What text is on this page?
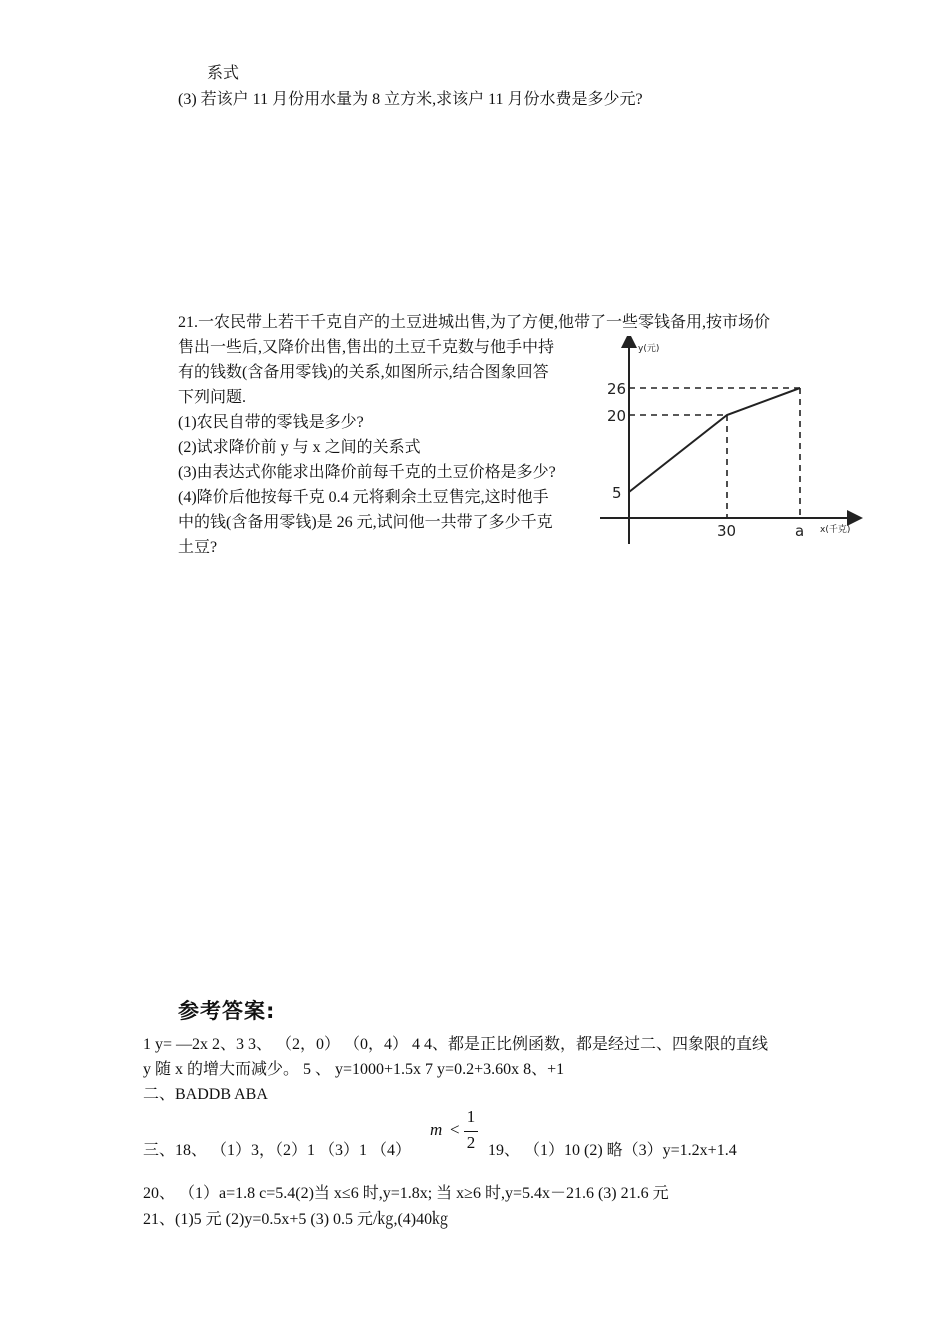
系式
(3) 若该户 11 月份用水量为 8 立方米,求该户 11 月份水费是多少元?
21.一农民带上若干千克自产的土豆进城出售,为了方便,他带了一些零钱备用,按市场价
售出一些后,又降价出售,售出的土豆千克数与他手中持
有的钱数(含备用零钱)的关系,如图所示,结合图象回答
下列问题.
(1)农民自带的零钱是多少?
(2)试求降价前 y 与 x 之间的关系式
(3)由表达式你能求出降价前每千克的土豆价格是多少?
(4)降价后他按每千克 0.4 元将剩余土豆售完,这时他手
中的钱(含备用零钱)是 26 元,试问他一共带了多少千克
土豆?
y(元)
x(千克)
5
20
26
30	a
参考答案:
1 y= —2x 2、3 3、 （2，0） （0，4） 4 4、都是正比例函数，都是经过二、四象限的直线
y 随 x 的增大而减少。 5 、 y=1000+1.5x 7 y=0.2+3.60x 8、+1
二、BADDB ABA
三、18、 （1）3，（2）1 （3）1 （4）
m <
1
2 19、 （1）10 (2) 略（3）y=1.2x+1.4
20、 （1）a=1.8 c=5.4(2)当 x≤6 时,y=1.8x; 当 x≥6 时,y=5.4x－21.6 (3) 21.6 元
21、(1)5 元 (2)y=0.5x+5 (3) 0.5 元/㎏,(4)40㎏
